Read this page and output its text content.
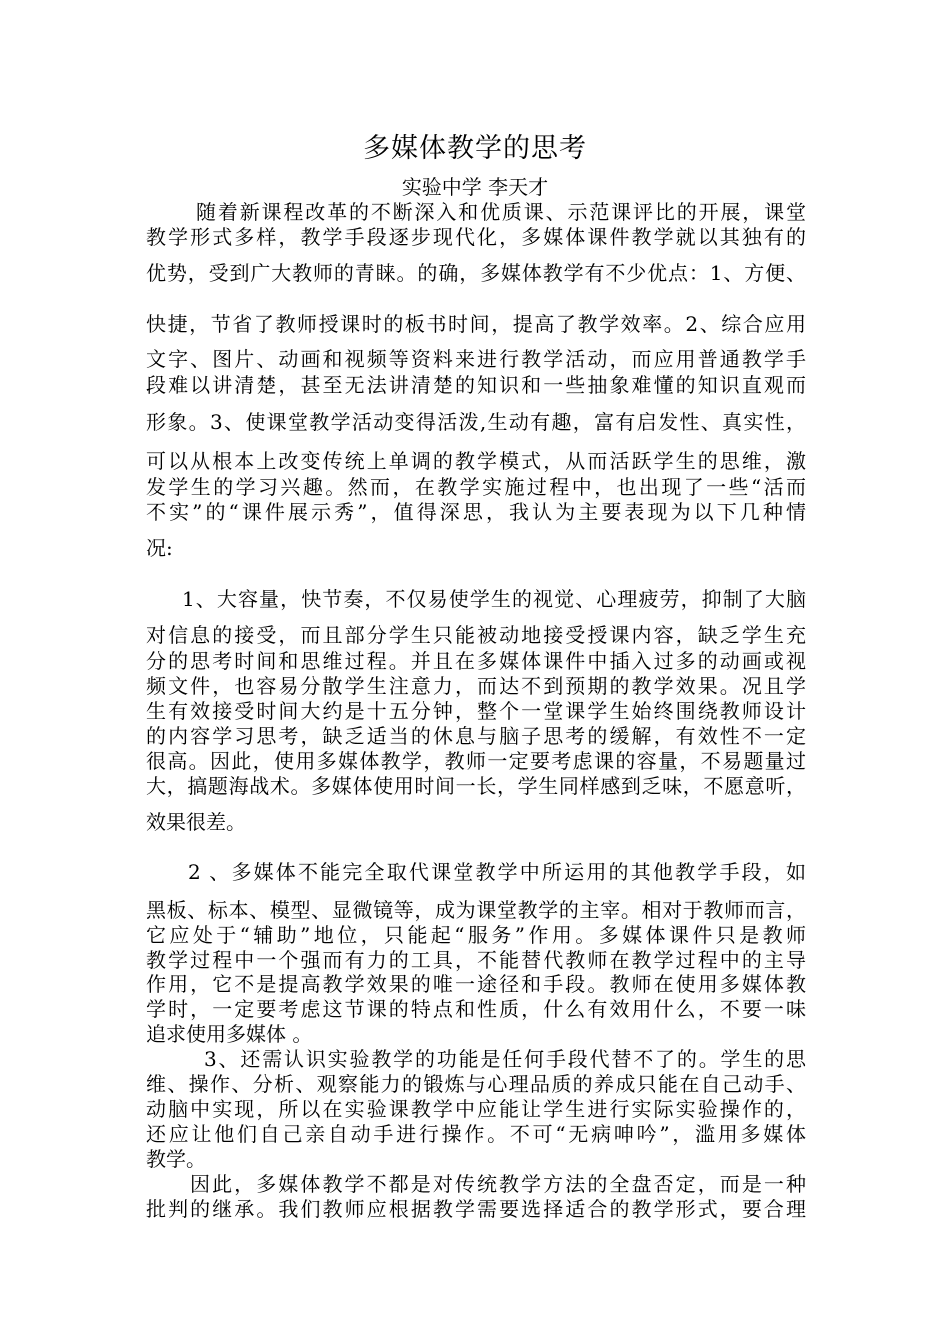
多媒体教学的思考
实验中学 李天才
随着新课程改革的不断深入和优质课、示范课评比的开展，课堂
教学形式多样，教学手段逐步现代化，多媒体课件教学就以其独有的
优势，受到广大教师的青睐。的确，多媒体教学有不少优点：1、方便、
快捷，节省了教师授课时的板书时间，提高了教学效率。2、综合应用
文字、图片、动画和视频等资料来进行教学活动，而应用普通教学手
段难以讲清楚，甚至无法讲清楚的知识和一些抽象难懂的知识直观而
形象。3、使课堂教学活动变得活泼,生动有趣，富有启发性、真实性，
可以从根本上改变传统上单调的教学模式，从而活跃学生的思维，激
发学生的学习兴趣。然而，在教学实施过程中，也出现了一些“活而
不实”的“课件展示秀”，值得深思，我认为主要表现为以下几种情
况:
1、大容量，快节奏，不仅易使学生的视觉、心理疲劳，抑制了大脑
对信息的接受，而且部分学生只能被动地接受授课内容，缺乏学生充
分的思考时间和思维过程。并且在多媒体课件中插入过多的动画或视
频文件，也容易分散学生注意力，而达不到预期的教学效果。况且学
生有效接受时间大约是十五分钟，整个一堂课学生始终围绕教师设计
的内容学习思考，缺乏适当的休息与脑子思考的缓解，有效性不一定
很高。因此，使用多媒体教学，教师一定要考虑课的容量，不易题量过
大，搞题海战术。多媒体使用时间一长，学生同样感到乏味，不愿意听，
效果很差。
2 、多媒体不能完全取代课堂教学中所运用的其他教学手段，如
黑板、标本、模型、显微镜等，成为课堂教学的主宰。相对于教师而言，
它应处于“辅助”地位，只能起“服务”作用。多媒体课件只是教师
教学过程中一个强而有力的工具，不能替代教师在教学过程中的主导
作用，它不是提高教学效果的唯一途径和手段。教师在使用多媒体教
学时，一定要考虑这节课的特点和性质，什么有效用什么，不要一味
追求使用多媒体 。
3、还需认识实验教学的功能是任何手段代替不了的。学生的思
维、操作、分析、观察能力的锻炼与心理品质的养成只能在自己动手、
动脑中实现，所以在实验课教学中应能让学生进行实际实验操作的，
还应让他们自己亲自动手进行操作。不可“无病呻吟”，滥用多媒体
教学。
因此，多媒体教学不都是对传统教学方法的全盘否定，而是一种
批判的继承。我们教师应根据教学需要选择适合的教学形式，要合理
